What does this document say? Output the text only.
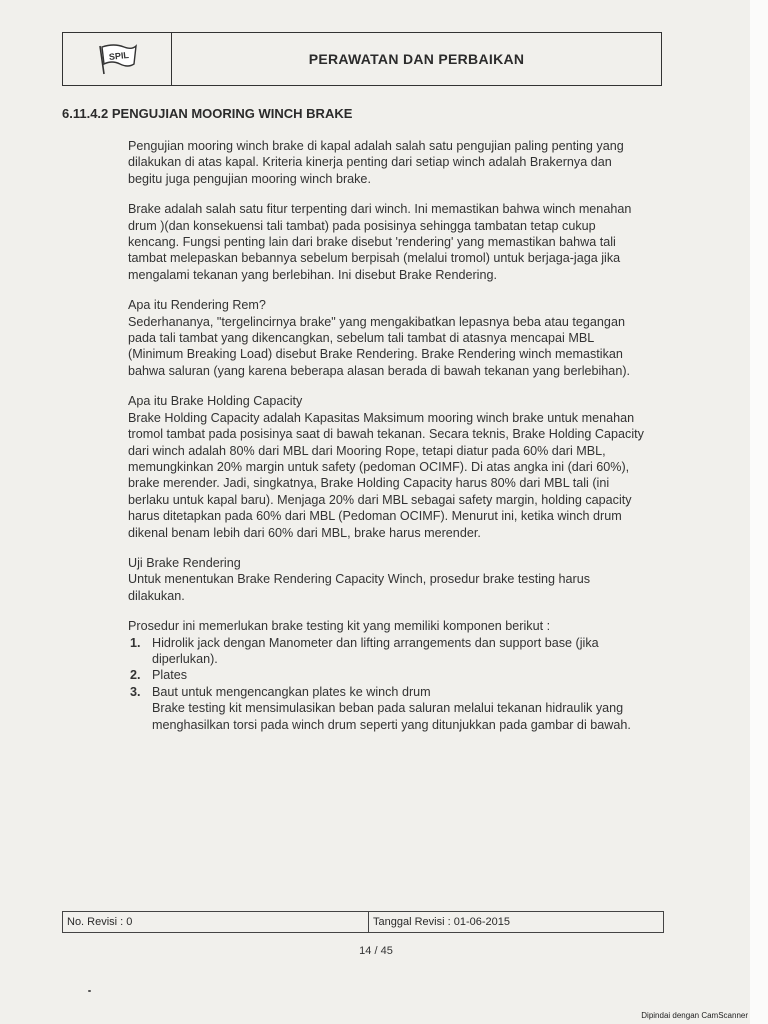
SPIL	PERAWATAN DAN PERBAIKAN
6.11.4.2 PENGUJIAN MOORING WINCH BRAKE

Pengujian mooring winch brake di kapal adalah salah satu pengujian paling penting yang dilakukan di atas kapal. Kriteria kinerja penting dari setiap winch adalah Brakernya dan begitu juga pengujian mooring winch brake.

Brake adalah salah satu fitur terpenting dari winch. Ini memastikan bahwa winch menahan drum )(dan konsekuensi tali tambat) pada posisinya sehingga tambatan tetap cukup kencang. Fungsi penting lain dari brake disebut 'rendering' yang memastikan bahwa tali tambat melepaskan bebannya sebelum berpisah (melalui tromol) untuk berjaga-jaga jika mengalami tekanan yang berlebihan. Ini disebut Brake Rendering.

Apa itu Rendering Rem?
Sederhananya, "tergelincirnya brake" yang mengakibatkan lepasnya beba atau tegangan pada tali tambat yang dikencangkan, sebelum tali tambat di atasnya mencapai MBL (Minimum Breaking Load) disebut Brake Rendering. Brake Rendering winch memastikan bahwa saluran (yang karena beberapa alasan berada di bawah tekanan yang berlebihan).

Apa itu Brake Holding Capacity
Brake Holding Capacity adalah Kapasitas Maksimum mooring winch brake untuk menahan tromol tambat pada posisinya saat di bawah tekanan. Secara teknis, Brake Holding Capacity dari winch adalah 80% dari MBL dari Mooring Rope, tetapi diatur pada 60% dari MBL, memungkinkan 20% margin untuk safety (pedoman OCIMF). Di atas angka ini (dari 60%), brake merender. Jadi, singkatnya, Brake Holding Capacity harus 80% dari MBL tali (ini berlaku untuk kapal baru). Menjaga 20% dari MBL sebagai safety margin, holding capacity harus ditetapkan pada 60% dari MBL (Pedoman OCIMF). Menurut ini, ketika winch drum dikenal benam lebih dari 60% dari MBL, brake harus merender.

Uji Brake Rendering
Untuk menentukan Brake Rendering Capacity Winch, prosedur brake testing harus dilakukan.

Prosedur ini memerlukan brake testing kit yang memiliki komponen berikut :
1. Hidrolik jack dengan Manometer dan lifting arrangements dan support base (jika diperlukan).
2. Plates
3. Baut untuk mengencangkan plates ke winch drum
Brake testing kit mensimulasikan beban pada saluran melalui tekanan hidraulik yang menghasilkan torsi pada winch drum seperti yang ditunjukkan pada gambar di bawah.
No. Revisi : 0	Tanggal Revisi : 01-06-2015
14 / 45
Dipindai dengan CamScanner
